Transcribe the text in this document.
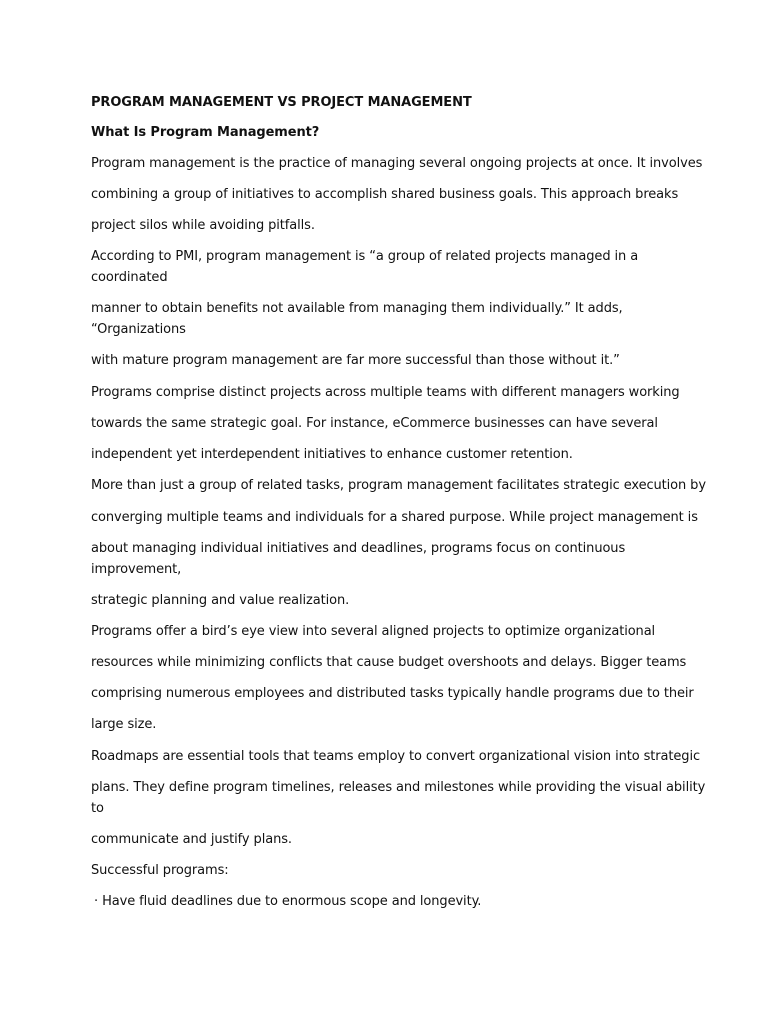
PROGRAM MANAGEMENT VS PROJECT MANAGEMENT
What Is Program Management?
Program management is the practice of managing several ongoing projects at once. It involves
combining a group of initiatives to accomplish shared business goals. This approach breaks
project silos while avoiding pitfalls.
According to PMI, program management is “a group of related projects managed in a
coordinated
manner to obtain benefits not available from managing them individually.” It adds,
“Organizations
with mature program management are far more successful than those without it.”
Programs comprise distinct projects across multiple teams with different managers working
towards the same strategic goal. For instance, eCommerce businesses can have several
independent yet interdependent initiatives to enhance customer retention.
More than just a group of related tasks, program management facilitates strategic execution by
converging multiple teams and individuals for a shared purpose. While project management is
about managing individual initiatives and deadlines, programs focus on continuous
improvement,
strategic planning and value realization.
Programs offer a bird’s eye view into several aligned projects to optimize organizational
resources while minimizing conflicts that cause budget overshoots and delays. Bigger teams
comprising numerous employees and distributed tasks typically handle programs due to their
large size.
Roadmaps are essential tools that teams employ to convert organizational vision into strategic
plans. They define program timelines, releases and milestones while providing the visual ability
to
communicate and justify plans.
Successful programs:
· Have fluid deadlines due to enormous scope and longevity.
